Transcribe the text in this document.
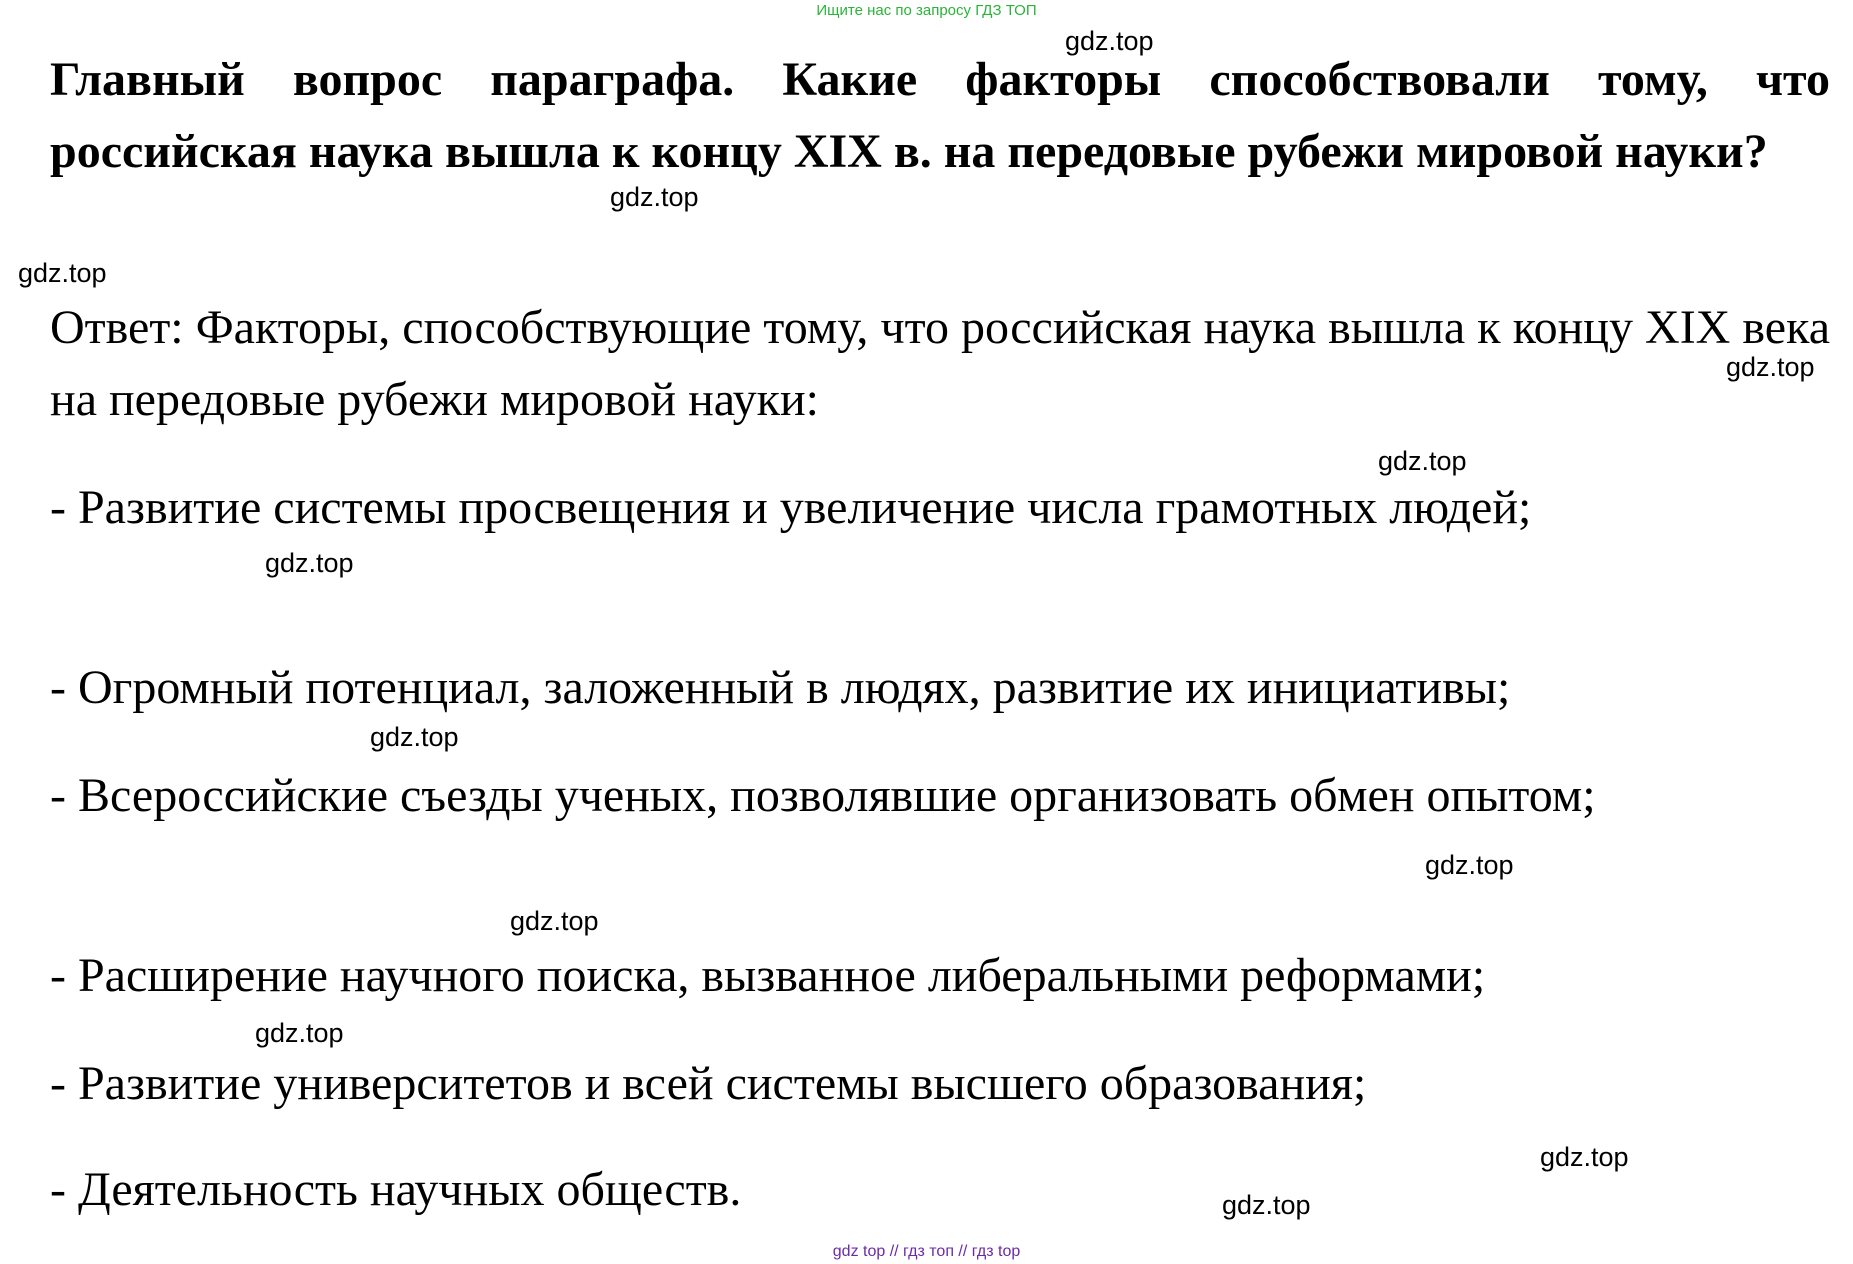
Ищите нас по запросу ГДЗ ТОП

Главный вопрос параграфа. Какие факторы способствовали тому, что российская наука вышла к концу XIX в. на передовые рубежи мировой науки?

Ответ: Факторы, способствующие тому, что российская наука вышла к концу XIX века на передовые рубежи мировой науки:

- Развитие системы просвещения и увеличение числа грамотных людей;

- Огромный потенциал, заложенный в людях, развитие их инициативы;

- Всероссийские съезды ученых, позволявшие организовать обмен опытом;

- Расширение научного поиска, вызванное либеральными реформами;

- Развитие университетов и всей системы высшего образования;

- Деятельность научных обществ.

gdz.top
gdz.top
gdz.top
gdz.top
gdz.top
gdz.top
gdz.top
gdz.top
gdz.top
gdz.top
gdz.top
gdz.top
gdz top // гдз топ // гдз top
